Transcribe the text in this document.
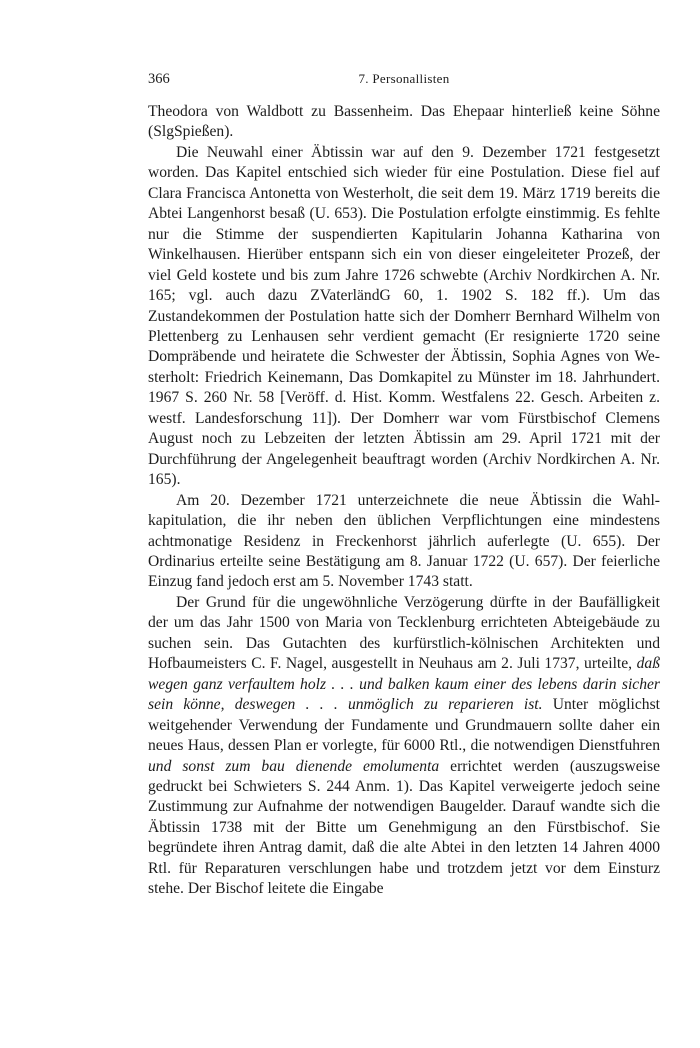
366	7. Personallisten

Theodora von Waldbott zu Bassenheim. Das Ehepaar hinterließ keine Söhne (SlgSpießen).

Die Neuwahl einer Äbtissin war auf den 9. Dezember 1721 festgesetzt worden. Das Kapitel entschied sich wieder für eine Postulation. Diese fiel auf Clara Francisca Antonetta von Westerholt, die seit dem 19. März 1719 bereits die Abtei Langenhorst besaß (U. 653). Die Postulation erfolgte einstimmig. Es fehlte nur die Stimme der suspendierten Kapitularin Johanna Katharina von Winkelhausen. Hierüber entspann sich ein von dieser eingeleiteter Prozeß, der viel Geld kostete und bis zum Jahre 1726 schwebte (Archiv Nordkirchen A. Nr. 165; vgl. auch dazu ZVaterländG 60, 1. 1902 S. 182 ff.). Um das Zustandekommen der Postulation hatte sich der Domherr Bernhard Wilhelm von Plettenberg zu Lenhausen sehr verdient gemacht (Er resignierte 1720 seine Dompräbende und heiratete die Schwester der Äbtissin, Sophia Agnes von Westerholt: Friedrich Keinemann, Das Domkapitel zu Münster im 18. Jahrhundert. 1967 S. 260 Nr. 58 [Veröff. d. Hist. Komm. Westfalens 22. Gesch. Arbeiten z. westf. Landesforschung 11]). Der Domherr war vom Fürstbischof Clemens August noch zu Lebzeiten der letzten Äbtissin am 29. April 1721 mit der Durchführung der Angelegenheit beauftragt worden (Archiv Nordkirchen A. Nr. 165).

Am 20. Dezember 1721 unterzeichnete die neue Äbtissin die Wahlkapitulation, die ihr neben den üblichen Verpflichtungen eine mindestens achtmonatige Residenz in Freckenhorst jährlich auferlegte (U. 655). Der Ordinarius erteilte seine Bestätigung am 8. Januar 1722 (U. 657). Der feierliche Einzug fand jedoch erst am 5. November 1743 statt.

Der Grund für die ungewöhnliche Verzögerung dürfte in der Baufälligkeit der um das Jahr 1500 von Maria von Tecklenburg errichteten Abteigebäude zu suchen sein. Das Gutachten des kurfürstlich-kölnischen Architekten und Hofbaumeisters C. F. Nagel, ausgestellt in Neuhaus am 2. Juli 1737, urteilte, daß wegen ganz verfaultem holz . . . und balken kaum einer des lebens darin sicher sein könne, deswegen . . . unmöglich zu reparieren ist. Unter möglichst weitgehender Verwendung der Fundamente und Grundmauern sollte daher ein neues Haus, dessen Plan er vorlegte, für 6000 Rtl., die notwendigen Dienstfuhren und sonst zum bau dienende emolumenta errichtet werden (auszugsweise gedruckt bei Schwieters S. 244 Anm. 1). Das Kapitel verweigerte jedoch seine Zustimmung zur Aufnahme der notwendigen Baugelder. Darauf wandte sich die Äbtissin 1738 mit der Bitte um Genehmigung an den Fürstbischof. Sie begründete ihren Antrag damit, daß die alte Abtei in den letzten 14 Jahren 4000 Rtl. für Reparaturen verschlungen habe und trotzdem jetzt vor dem Einsturz stehe. Der Bischof leitete die Eingabe
